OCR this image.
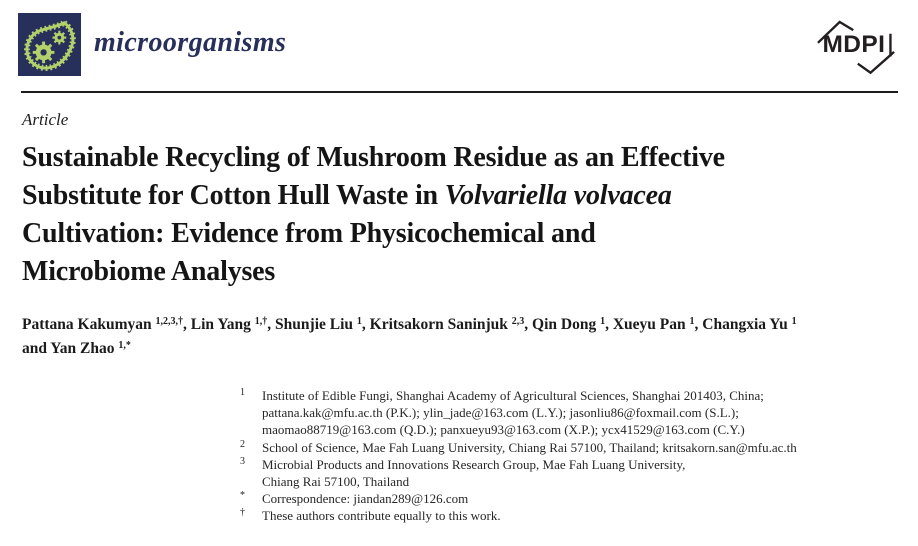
microorganisms	MDPI
Article
Sustainable Recycling of Mushroom Residue as an Effective
Substitute for Cotton Hull Waste in Volvariella volvacea
Cultivation: Evidence from Physicochemical and
Microbiome Analyses
Pattana Kakumyan $^{1,2,3,\dagger}$, Lin Yang $^{1,\dagger}$, Shunjie Liu $^1$, Kritsakorn Saninjuk $^{2,3}$, Qin Dong $^1$, Xueyu Pan $^1$, Changxia Yu $^1$
and Yan Zhao $^{1,*}$
1	Institute of Edible Fungi, Shanghai Academy of Agricultural Sciences, Shanghai 201403, China;
pattana.kak@mfu.ac.th (P.K.); ylin_jade@163.com (L.Y.); jasonliu86@foxmail.com (S.L.);
maomao88719@163.com (Q.D.); panxueyu93@163.com (X.P.); ycx41529@163.com (C.Y.)
2	School of Science, Mae Fah Luang University, Chiang Rai 57100, Thailand; kritsakorn.san@mfu.ac.th
3	Microbial Products and Innovations Research Group, Mae Fah Luang University,
Chiang Rai 57100, Thailand
*	Correspondence: jiandan289@126.com
†	These authors contribute equally to this work.
